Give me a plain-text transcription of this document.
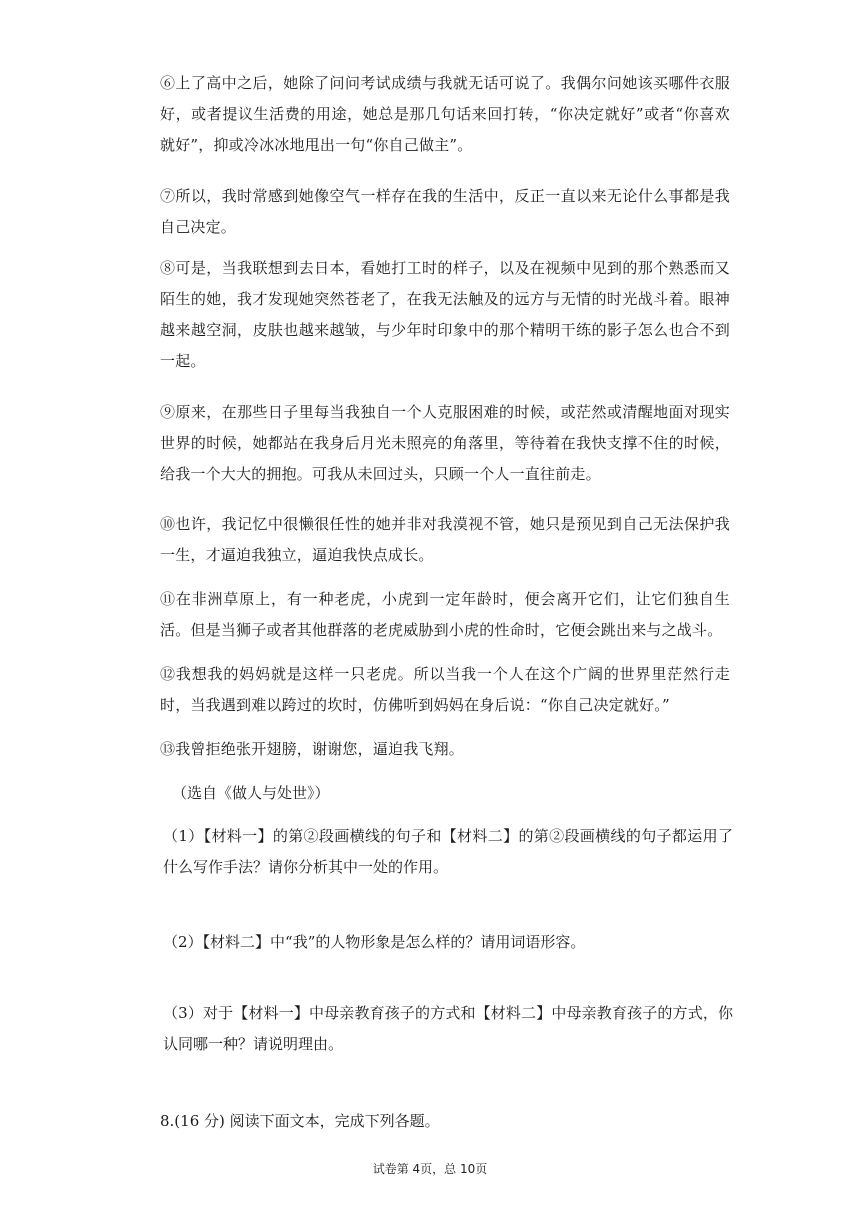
⑥上了高中之后，她除了问问考试成绩与我就无话可说了。我偶尔问她该买哪件衣服好，或者提议生活费的用途，她总是那几句话来回打转，“你决定就好”或者“你喜欢就好”，抑或冷冰冰地甩出一句“你自己做主”。

⑦所以，我时常感到她像空气一样存在我的生活中，反正一直以来无论什么事都是我自己决定。

⑧可是，当我联想到去日本，看她打工时的样子，以及在视频中见到的那个熟悉而又陌生的她，我才发现她突然苍老了，在我无法触及的远方与无情的时光战斗着。眼神越来越空洞，皮肤也越来越皱，与少年时印象中的那个精明干练的影子怎么也合不到一起。

⑨原来，在那些日子里每当我独自一个人克服困难的时候，或茫然或清醒地面对现实世界的时候，她都站在我身后月光未照亮的角落里，等待着在我快支撑不住的时候，给我一个大大的拥抱。可我从未回过头，只顾一个人一直往前走。

⑩也许，我记忆中很懒很任性的她并非对我漠视不管，她只是预见到自己无法保护我一生，才逼迫我独立，逼迫我快点成长。

⑪在非洲草原上，有一种老虎，小虎到一定年龄时，便会离开它们，让它们独自生活。但是当狮子或者其他群落的老虎威胁到小虎的性命时，它便会跳出来与之战斗。

⑫我想我的妈妈就是这样一只老虎。所以当我一个人在这个广阔的世界里茫然行走时，当我遇到难以跨过的坎时，仿佛听到妈妈在身后说：“你自己决定就好。”

⑬我曾拒绝张开翅膀，谢谢您，逼迫我飞翔。

（选自《做人与处世》）

（1）【材料一】的第②段画横线的句子和【材料二】的第②段画横线的句子都运用了什么写作手法？请你分析其中一处的作用。

（2）【材料二】中“我”的人物形象是怎么样的？请用词语形容。

（3）对于【材料一】中母亲教育孩子的方式和【材料二】中母亲教育孩子的方式，你认同哪一种？请说明理由。

8.(16 分) 阅读下面文本，完成下列各题。

试卷第 4页，总 10页
